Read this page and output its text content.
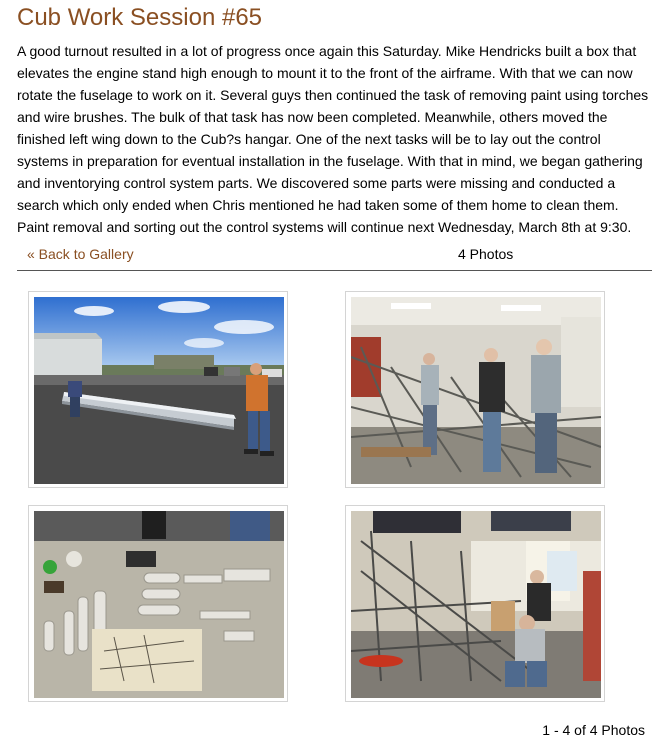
Cub Work Session #65

A good turnout resulted in a lot of progress once again this Saturday. Mike Hendricks built a box that elevates the engine stand high enough to mount it to the front of the airframe. With that we can now rotate the fuselage to work on it. Several guys then continued the task of removing paint using torches and wire brushes. The bulk of that task has now been completed. Meanwhile, others moved the finished left wing down to the Cub?s hangar. One of the next tasks will be to lay out the control systems in preparation for eventual installation in the fuselage. With that in mind, we began gathering and inventorying control system parts. We discovered some parts were missing and conducted a search which only ended when Chris mentioned he had taken some of them home to clean them. Paint removal and sorting out the control systems will continue next Wednesday, March 8th at 9:30.

« Back to Gallery	4 Photos
1 - 4 of 4 Photos
